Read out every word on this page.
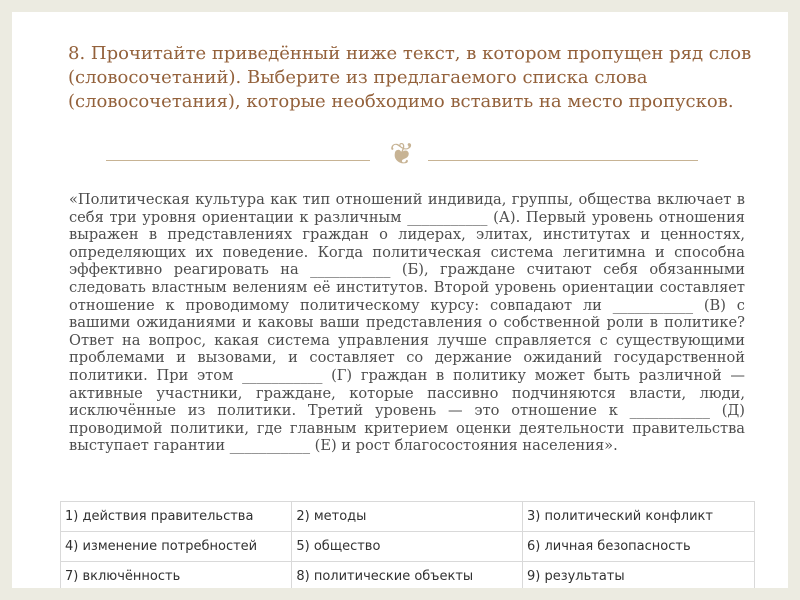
8. Прочитайте приведённый ниже текст, в котором пропущен ряд слов (словосочетаний). Выберите из предлагаемого списка слова (словосочетания), которые необходимо вставить на место пропусков.

❦

«Политическая культура как тип отношений индивида, группы, общества включает в себя три уровня ориентации к различным ___________ (А). Первый уровень отношения выражен в представлениях граждан о лидерах, элитах, институтах и ценностях, определяющих их поведение. Когда политическая система легитимна и способна эффективно реагировать на ___________ (Б), граждане считают себя обязанными следовать властным велениям её институтов. Второй уровень ориентации составляет отношение к проводимому политическому курсу: совпадают ли ___________ (В) с вашими ожиданиями и каковы ваши представления о собственной роли в политике? Ответ на вопрос, какая система управления лучше справляется с существующими проблемами и вызовами, и составляет со держание ожиданий государственной политики. При этом ___________ (Г) граждан в политику может быть различной — активные участники, граждане, которые пассивно подчиняются власти, люди, исключённые из политики. Третий уровень — это отношение к ___________ (Д) проводимой политики, где главным критерием оценки деятельности правительства выступает гарантии ___________ (Е) и рост благосостояния населения».

1) действия правительства	2) методы	3) политический конфликт
4) изменение потребностей	5) общество	6) личная безопасность
7) включённость	8) политические объекты	9) результаты
